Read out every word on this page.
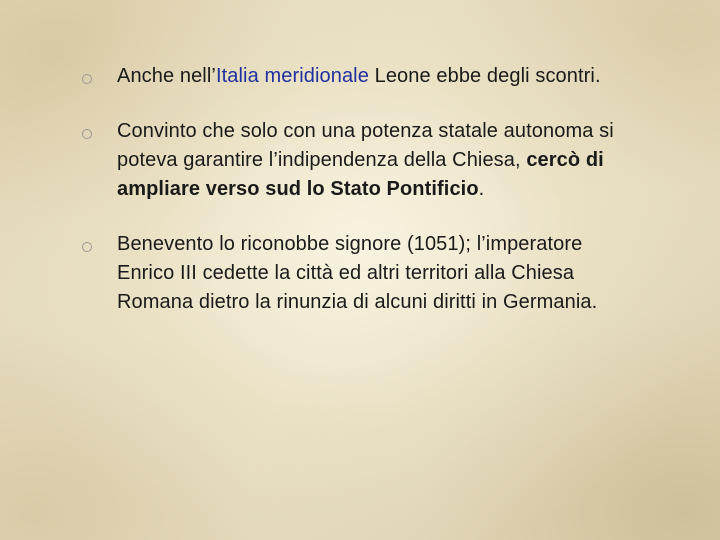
Anche nell’Italia meridionale Leone ebbe degli scontri.
Convinto che solo con una potenza statale autonoma si poteva garantire l’indipendenza della Chiesa, cercò di ampliare verso sud lo Stato Pontificio.
Benevento lo riconobbe signore (1051); l’imperatore Enrico III cedette la città ed altri territori alla Chiesa Romana dietro la rinunzia di alcuni diritti in Germania.
